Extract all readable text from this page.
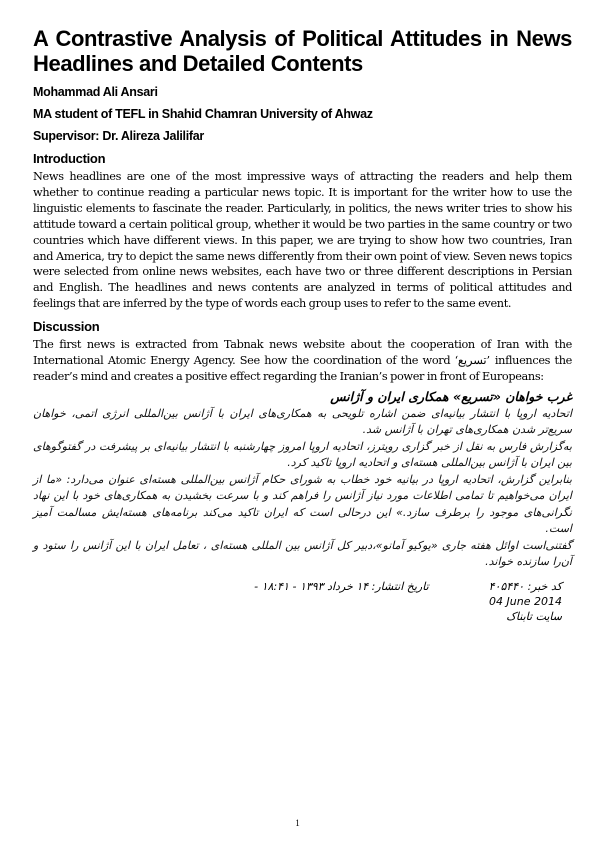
A Contrastive Analysis of Political Attitudes in News Headlines and Detailed Contents
Mohammad Ali Ansari
MA student of TEFL in Shahid Chamran University of Ahwaz
Supervisor: Dr. Alireza Jalilifar
Introduction

News headlines are one of the most impressive ways of attracting the readers and help them whether to continue reading a particular news topic. It is important for the writer how to use the linguistic elements to fascinate the reader. Particularly, in politics, the news writer tries to show his attitude toward a certain political group, whether it would be two parties in the same country or two countries which have different views. In this paper, we are trying to show how two countries, Iran and America, try to depict the same news differently from their own point of view. Seven news topics were selected from online news websites, each have two or three different descriptions in Persian and English. The headlines and news contents are analyzed in terms of political attitudes and feelings that are inferred by the type of words each group uses to refer to the same event.

Discussion

The first news is extracted from Tabnak news website about the cooperation of Iran with the International Atomic Energy Agency. See how the coordination of the word ‘تسریع’ influences the reader’s mind and creates a positive effect regarding the Iranian’s power in front of Europeans:

غرب خواهان «تسریع» همکاری ایران و آژانس

اتحادیه اروپا با انتشار بیانیه‌ای ضمن اشاره تلویحی به همکاری‌های ایران با آژانس بین‌المللی انرژی اتمی، خواهان سریع‌تر شدن همکاری‌های تهران با آژانس شد.

به‌گزارش فارس به نقل از خبر گزاری رویترز، اتحادیه اروپا امروز چهارشنبه با انتشار بیانیه‌ای بر پیشرفت در گفتوگوهای بین ایران با آژانس بین‌المللی هسته‌ای و اتحادیه اروپا تاکید کرد.

بنابراین گزارش، اتحادیه اروپا در بیانیه خود خطاب به شورای حکام آژانس بین‌المللی هسته‌ای عنوان می‌دارد: «ما از ایران می‌خواهیم تا تمامی اطلاعات مورد نیاز آژانس را فراهم کند و با سرعت بخشیدن به همکاری‌های خود با این نهاد نگرانی‌های موجود را برطرف سازد.» این درحالی است که ایران تاکید می‌کند برنامه‌های هسته‌ایش مسالمت آمیز است.

گفتنی‌است اوائل هفته جاری «یوکیو آمانو»،دبیر کل آژانس بین المللی هسته‌ای ، تعامل ایران با این آژانس را ستود و آن‌را سازنده خواند.

کد خبر: ۴۰۵۴۴۰
تاریخ انتشار: ۱۴ خرداد ۱۳۹۳ - ۱۸:۴۱ -
04 June 2014
سایت تابناک
1
